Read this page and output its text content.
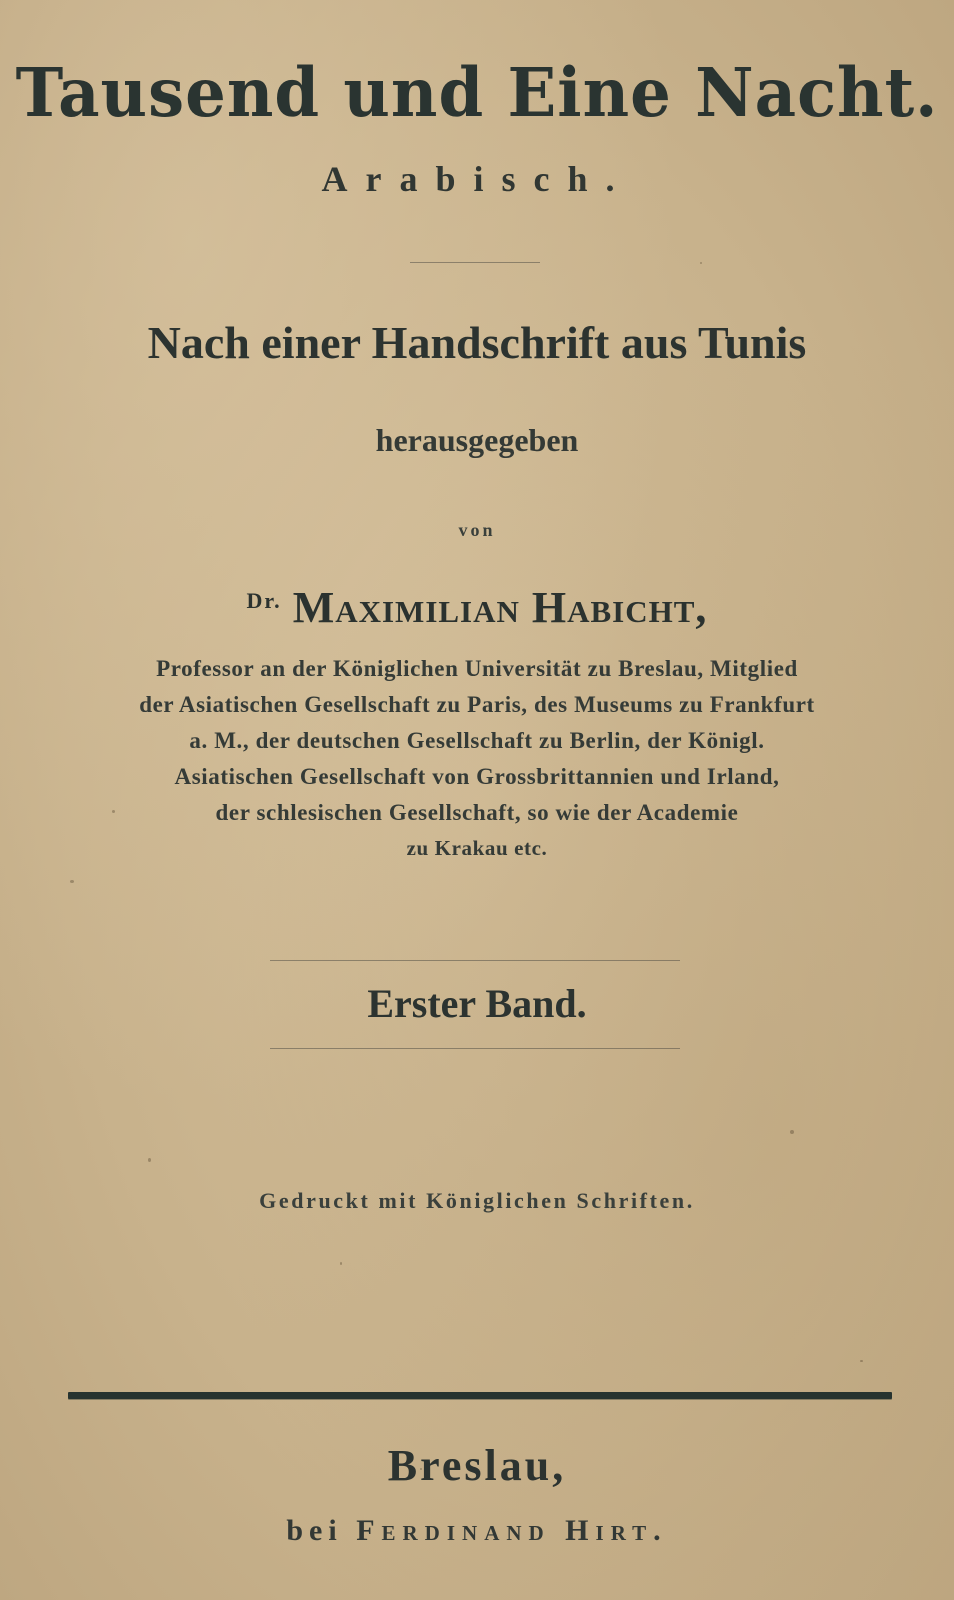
Tausend und Eine Nacht.
Arabisch.
Nach einer Handschrift aus Tunis
herausgegeben
von
$^{Dr.}$ Maximilian Habicht,
Professor an der Königlichen Universität zu Breslau, Mitglied
der Asiatischen Gesellschaft zu Paris, des Museums zu Frankfurt
a. M., der deutschen Gesellschaft zu Berlin, der Königl.
Asiatischen Gesellschaft von Grossbrittannien und Irland,
der schlesischen Gesellschaft, so wie der Academie
zu Krakau etc.
Erster Band.
Gedruckt mit Königlichen Schriften.
Breslau,
bei Ferdinand Hirt.
